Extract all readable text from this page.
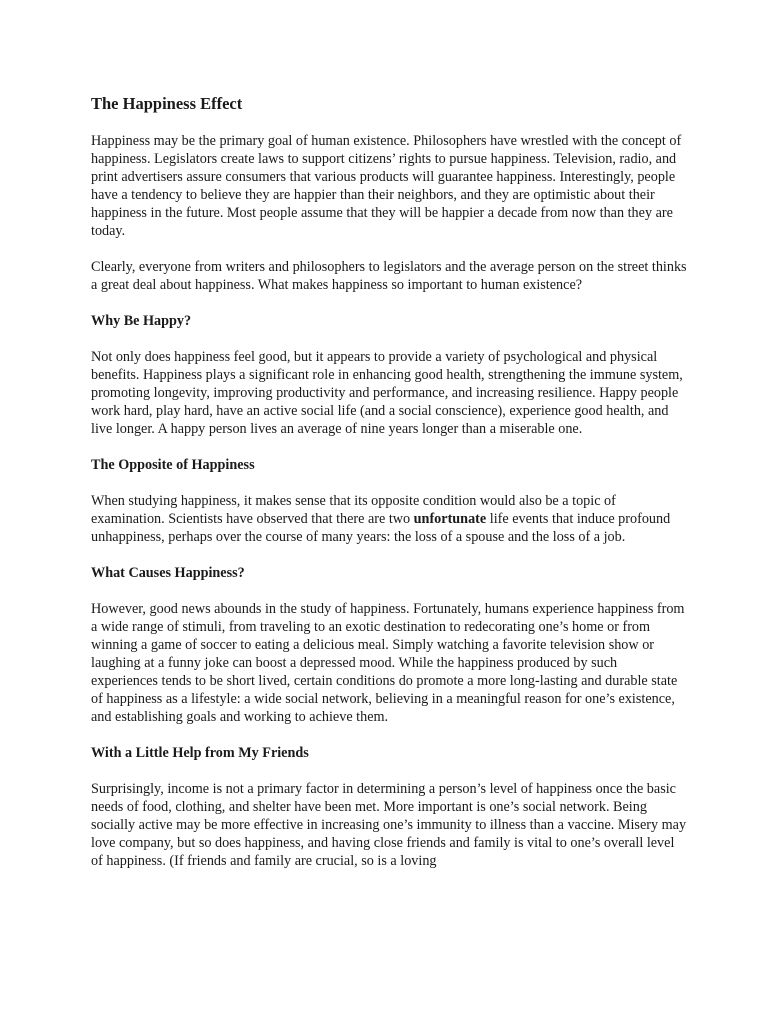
The Happiness Effect

Happiness may be the primary goal of human existence. Philosophers have wrestled with the concept of happiness. Legislators create laws to support citizens’ rights to pursue happiness. Television, radio, and print advertisers assure consumers that various products will guarantee happiness. Interestingly, people have a tendency to believe they are happier than their neighbors, and they are optimistic about their happiness in the future. Most people assume that they will be happier a decade from now than they are today.

Clearly, everyone from writers and philosophers to legislators and the average person on the street thinks a great deal about happiness. What makes happiness so important to human existence?

Why Be Happy?

Not only does happiness feel good, but it appears to provide a variety of psychological and physical benefits. Happiness plays a significant role in enhancing good health, strengthening the immune system, promoting longevity, improving productivity and performance, and increasing resilience. Happy people work hard, play hard, have an active social life (and a social conscience), experience good health, and live longer. A happy person lives an average of nine years longer than a miserable one.

The Opposite of Happiness

When studying happiness, it makes sense that its opposite condition would also be a topic of examination. Scientists have observed that there are two unfortunate life events that induce profound unhappiness, perhaps over the course of many years: the loss of a spouse and the loss of a job.

What Causes Happiness?

However, good news abounds in the study of happiness. Fortunately, humans experience happiness from a wide range of stimuli, from traveling to an exotic destination to redecorating one’s home or from winning a game of soccer to eating a delicious meal. Simply watching a favorite television show or laughing at a funny joke can boost a depressed mood. While the happiness produced by such experiences tends to be short lived, certain conditions do promote a more long-lasting and durable state of happiness as a lifestyle: a wide social network, believing in a meaningful reason for one’s existence, and establishing goals and working to achieve them.

With a Little Help from My Friends

Surprisingly, income is not a primary factor in determining a person’s level of happiness once the basic needs of food, clothing, and shelter have been met. More important is one’s social network. Being socially active may be more effective in increasing one’s immunity to illness than a vaccine. Misery may love company, but so does happiness, and having close friends and family is vital to one’s overall level of happiness. (If friends and family are crucial, so is a loving
